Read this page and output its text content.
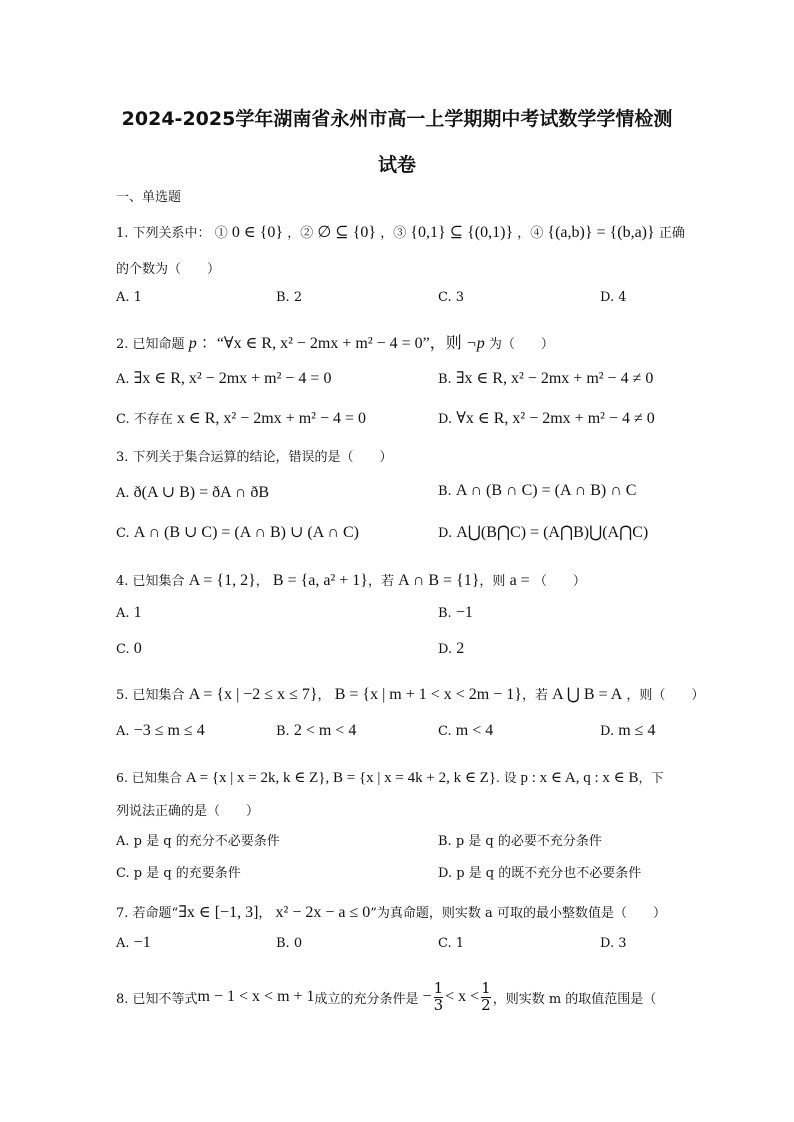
2024-2025学年湖南省永州市高一上学期期中考试数学学情检测
试卷
一、单选题
1. 下列关系中： ① 0 ∈ {0} ，② ∅ ⊆ {0} ，③ {0,1} ⊆ {(0,1)} ，④ {(a,b)} = {(b,a)} 正确
的个数为（　　）
A. 1	B. 2	C. 3	D. 4
2. 已知命题 p ：“∀x ∈ R, x² − 2mx + m² − 4 = 0”，则 ¬p 为（　　）
A. ∃x ∈ R, x² − 2mx + m² − 4 = 0	B. ∃x ∈ R, x² − 2mx + m² − 4 ≠ 0
C. 不存在 x ∈ R, x² − 2mx + m² − 4 = 0	D. ∀x ∈ R, x² − 2mx + m² − 4 ≠ 0
3. 下列关于集合运算的结论，错误的是（　　）
A. ð(A ∪ B) = ðA ∩ ðB	B. A ∩ (B ∩ C) = (A ∩ B) ∩ C
C. A ∩ (B ∪ C) = (A ∩ B) ∪ (A ∩ C)	D. A⋃(B⋂C) = (A⋂B)⋃(A⋂C)
4. 已知集合 A = {1, 2}， B = {a, a² + 1}，若 A ∩ B = {1}，则 a = （　　）
A. 1	B. −1
C. 0	D. 2
5. 已知集合 A = {x | −2 ≤ x ≤ 7}， B = {x | m + 1 < x < 2m − 1}，若 A ⋃ B = A ，则（　　）
A. −3 ≤ m ≤ 4	B. 2 < m < 4	C. m < 4	D. m ≤ 4
6. 已知集合 A = {x | x = 2k, k ∈ Z}, B = {x | x = 4k + 2, k ∈ Z}. 设 p : x ∈ A, q : x ∈ B，下
列说法正确的是（　　）
A. p 是 q 的充分不必要条件	B. p 是 q 的必要不充分条件
C. p 是 q 的充要条件	D. p 是 q 的既不充分也不必要条件
7. 若命题“∃x ∈ [−1, 3]， x² − 2x − a ≤ 0”为真命题，则实数 a 可取的最小整数值是（　　）
A. −1	B. 0	C. 1	D. 3
8. 已知不等式 m − 1 < x < m + 1 成立的充分条件是 − $\frac{1}{3} < x < \frac{1}{2}$ ，则实数 m 的取值范围是（
